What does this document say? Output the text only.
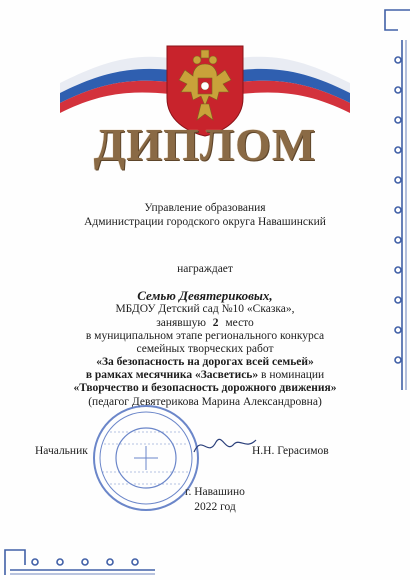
ДИПЛОМ
Управление образования
Администрации городского округа Навашинский
награждает
Семью Девятериковых,
МБДОУ Детский сад №10 «Сказка»,
занявшую 2 место
в муниципальном этапе регионального конкурса
семейных творческих работ
«За безопасность на дорогах всей семьей»
в рамках месячника «Засветись» в номинации
«Творчество и безопасность дорожного движения»
(педагог Девятерикова Марина Александровна)
Начальник	Н.Н. Герасимов
г. Навашино
2022 год
